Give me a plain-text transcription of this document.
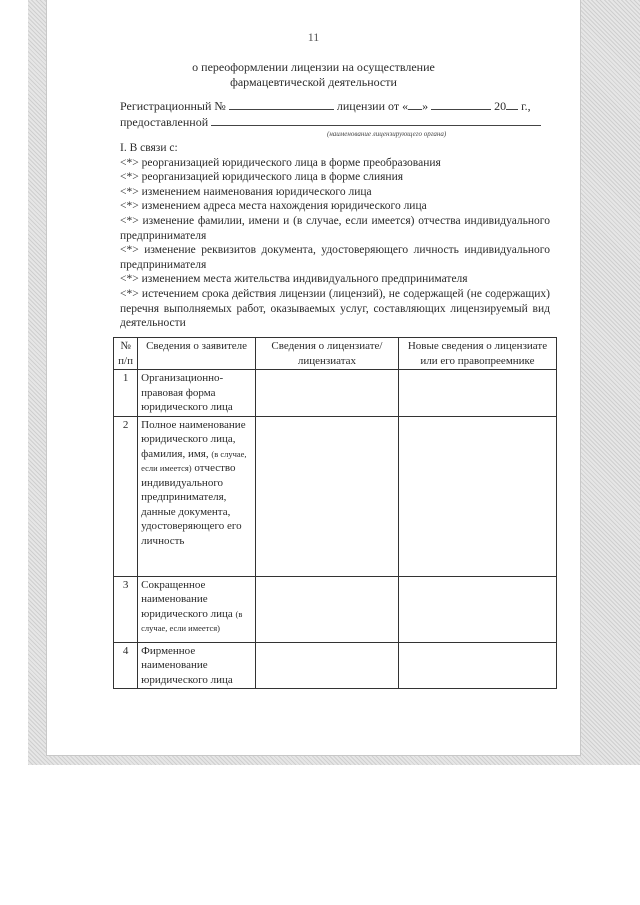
11
о переоформлении лицензии на осуществление
фармацевтической деятельности
Регистрационный №	лицензии от « »	20 г.,
предоставленной
(наименование лицензирующего органа)

I. В связи с:

<*> реорганизацией юридического лица в форме преобразования

<*> реорганизацией юридического лица в форме слияния

<*> изменением наименования юридического лица

<*> изменением адреса места нахождения юридического лица

<*> изменение фамилии, имени и (в случае, если имеется) отчества индивидуального предпринимателя

<*> изменение реквизитов документа, удостоверяющего личность индивидуального предпринимателя

<*> изменением места жительства индивидуального предпринимателя

<*> истечением срока действия лицензии (лицензий), не содержащей (не содержащих) перечня выполняемых работ, оказываемых услуг, составляющих лицензируемый вид деятельности

№ п/п	Сведения о заявителе	Сведения о лицензиате/лицензиатах	Новые сведения о лицензиате или его правопреемнике
1	Организационно-правовая форма юридического лица		
2	Полное наименование юридического лица, фамилия, имя, (в случае, если имеется) отчество индивидуального предпринимателя, данные документа, удостоверяющего его личность		
3	Сокращенное наименование юридического лица (в случае, если имеется)		
4	Фирменное наименование юридического лица		
